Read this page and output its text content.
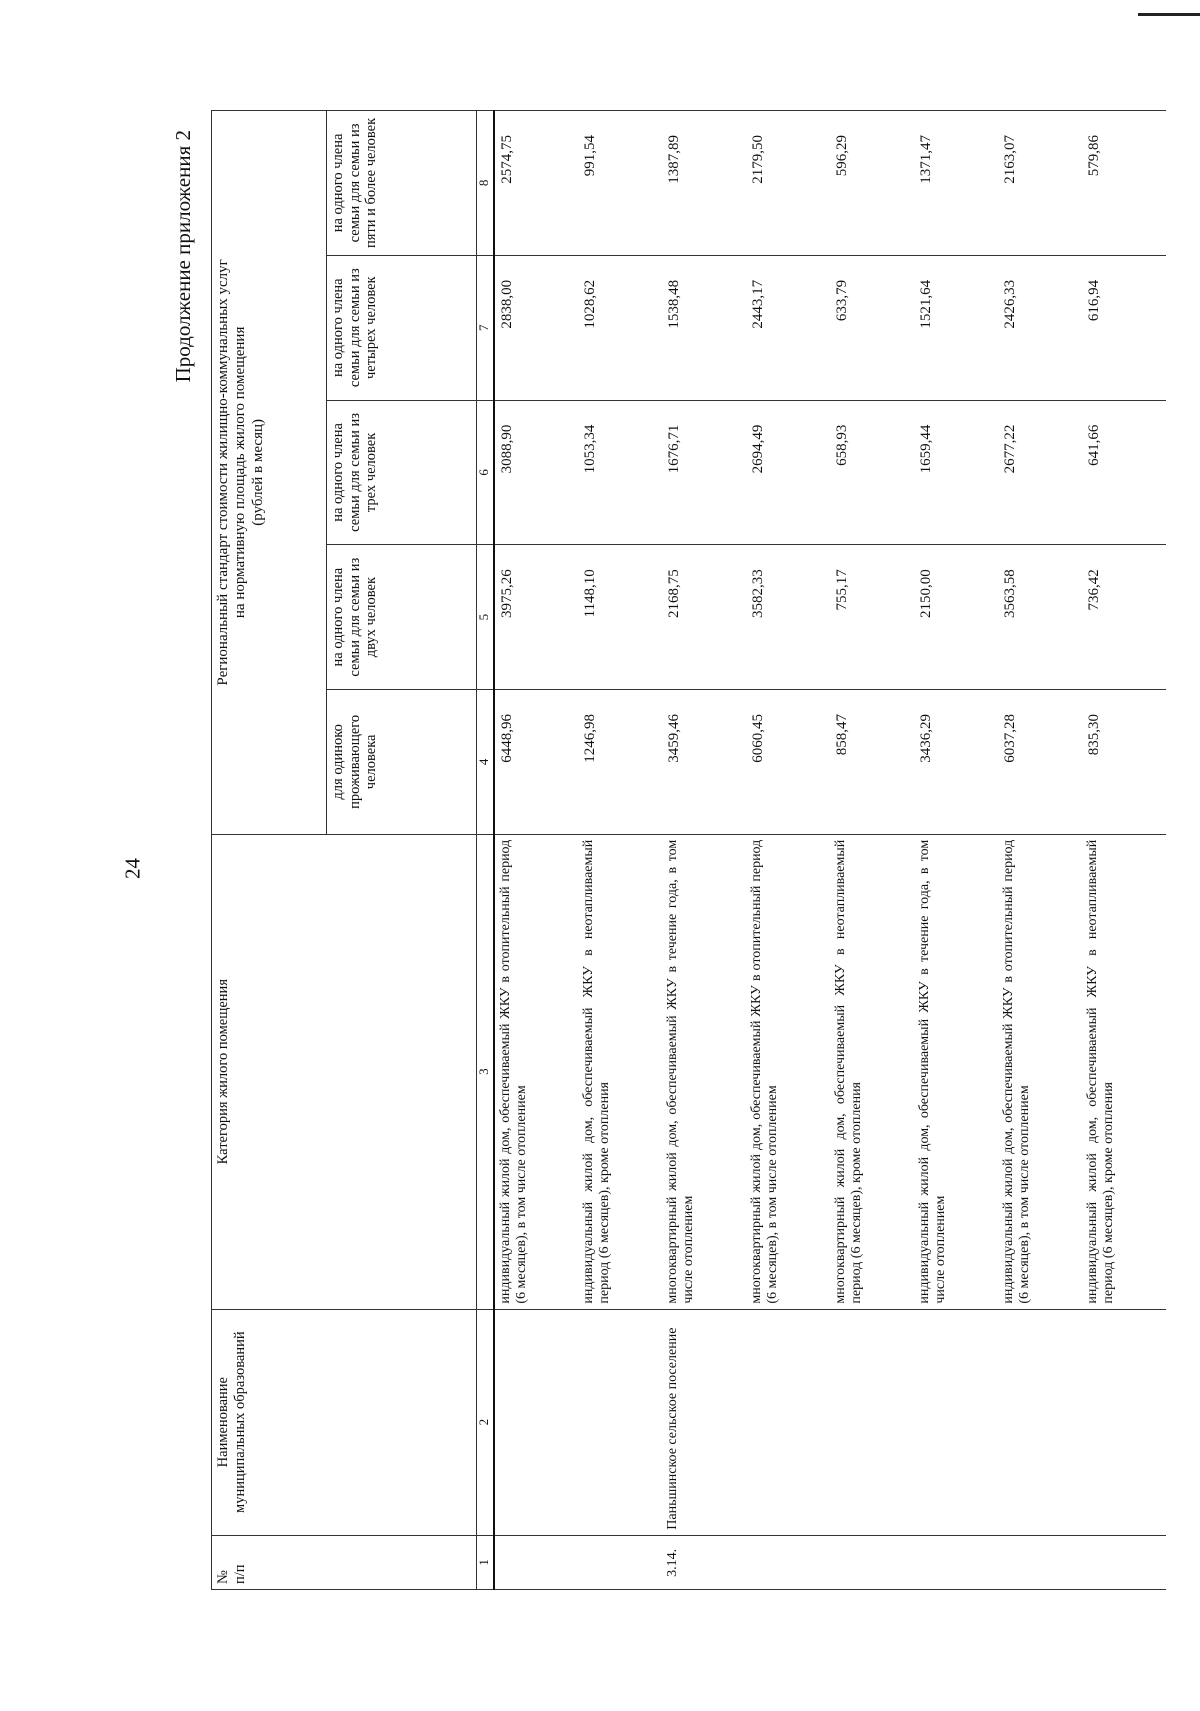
24
Продолжение приложения 2
№
п/п	Наименование
муниципальных образований	Категория жилого помещения	Региональный стандарт стоимости жилищно-коммунальных услуг
на нормативную площадь жилого помещения
(рублей в месяц)				
			для одиноко проживающего человека	на одного члена семьи для семьи из двух человек	на одного члена семьи для семьи из трех человек	на одного члена семьи для семьи из четырех человек	на одного члена семьи для семьи из пяти и более человек
1	2	3	4	5	6	7	8
		индивидуальный жилой дом, обеспечиваемый ЖКУ в отопительный период (6 месяцев), в том числе отоплением	6448,96	3975,26	3088,90	2838,00	2574,75
		индивидуальный жилой дом, обеспечиваемый ЖКУ в неотапливаемый период (6 месяцев), кроме отопления	1246,98	1148,10	1053,34	1028,62	991,54
3.14.	Паньшинское сельское поселение	многоквартирный жилой дом, обеспечиваемый ЖКУ в течение года, в том числе отоплением	3459,46	2168,75	1676,71	1538,48	1387,89
		многоквартирный жилой дом, обеспечиваемый ЖКУ в отопительный период (6 месяцев), в том числе отоплением	6060,45	3582,33	2694,49	2443,17	2179,50
		многоквартирный жилой дом, обеспечиваемый ЖКУ в неотапливаемый период (6 месяцев), кроме отопления	858,47	755,17	658,93	633,79	596,29
		индивидуальный жилой дом, обеспечиваемый ЖКУ в течение года, в том числе отоплением	3436,29	2150,00	1659,44	1521,64	1371,47
		индивидуальный жилой дом, обеспечиваемый ЖКУ в отопительный период (6 месяцев), в том числе отоплением	6037,28	3563,58	2677,22	2426,33	2163,07
		индивидуальный жилой дом, обеспечиваемый ЖКУ в неотапливаемый период (6 месяцев), кроме отопления	835,30	736,42	641,66	616,94	579,86
